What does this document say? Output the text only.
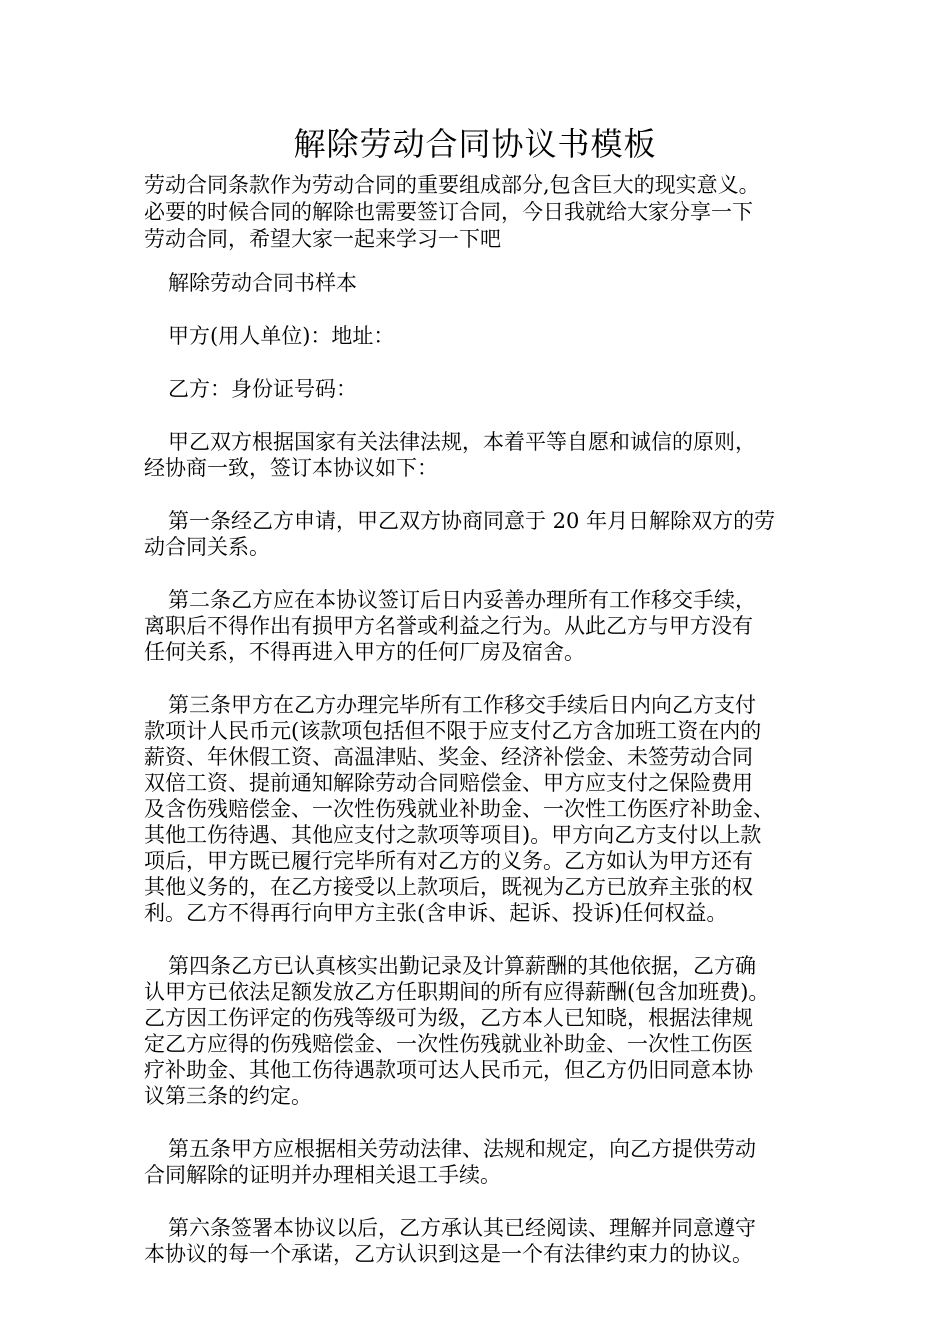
解除劳动合同协议书模板
劳动合同条款作为劳动合同的重要组成部分,包含巨大的现实意义。
必要的时候合同的解除也需要签订合同，今日我就给大家分享一下
劳动合同，希望大家一起来学习一下吧
解除劳动合同书样本
甲方(用人单位)：地址：
乙方：身份证号码：
甲乙双方根据国家有关法律法规，本着平等自愿和诚信的原则，
经协商一致，签订本协议如下：
第一条经乙方申请，甲乙双方协商同意于 20 年月日解除双方的劳
动合同关系。
第二条乙方应在本协议签订后日内妥善办理所有工作移交手续，
离职后不得作出有损甲方名誉或利益之行为。从此乙方与甲方没有
任何关系，不得再进入甲方的任何厂房及宿舍。
第三条甲方在乙方办理完毕所有工作移交手续后日内向乙方支付
款项计人民币元(该款项包括但不限于应支付乙方含加班工资在内的
薪资、年休假工资、高温津贴、奖金、经济补偿金、未签劳动合同
双倍工资、提前通知解除劳动合同赔偿金、甲方应支付之保险费用
及含伤残赔偿金、一次性伤残就业补助金、一次性工伤医疗补助金、
其他工伤待遇、其他应支付之款项等项目)。甲方向乙方支付以上款
项后，甲方既已履行完毕所有对乙方的义务。乙方如认为甲方还有
其他义务的，在乙方接受以上款项后，既视为乙方已放弃主张的权
利。乙方不得再行向甲方主张(含申诉、起诉、投诉)任何权益。
第四条乙方已认真核实出勤记录及计算薪酬的其他依据，乙方确
认甲方已依法足额发放乙方任职期间的所有应得薪酬(包含加班费)。
乙方因工伤评定的伤残等级可为级，乙方本人已知晓，根据法律规
定乙方应得的伤残赔偿金、一次性伤残就业补助金、一次性工伤医
疗补助金、其他工伤待遇款项可达人民币元，但乙方仍旧同意本协
议第三条的约定。
第五条甲方应根据相关劳动法律、法规和规定，向乙方提供劳动
合同解除的证明并办理相关退工手续。
第六条签署本协议以后，乙方承认其已经阅读、理解并同意遵守
本协议的每一个承诺，乙方认识到这是一个有法律约束力的协议。
